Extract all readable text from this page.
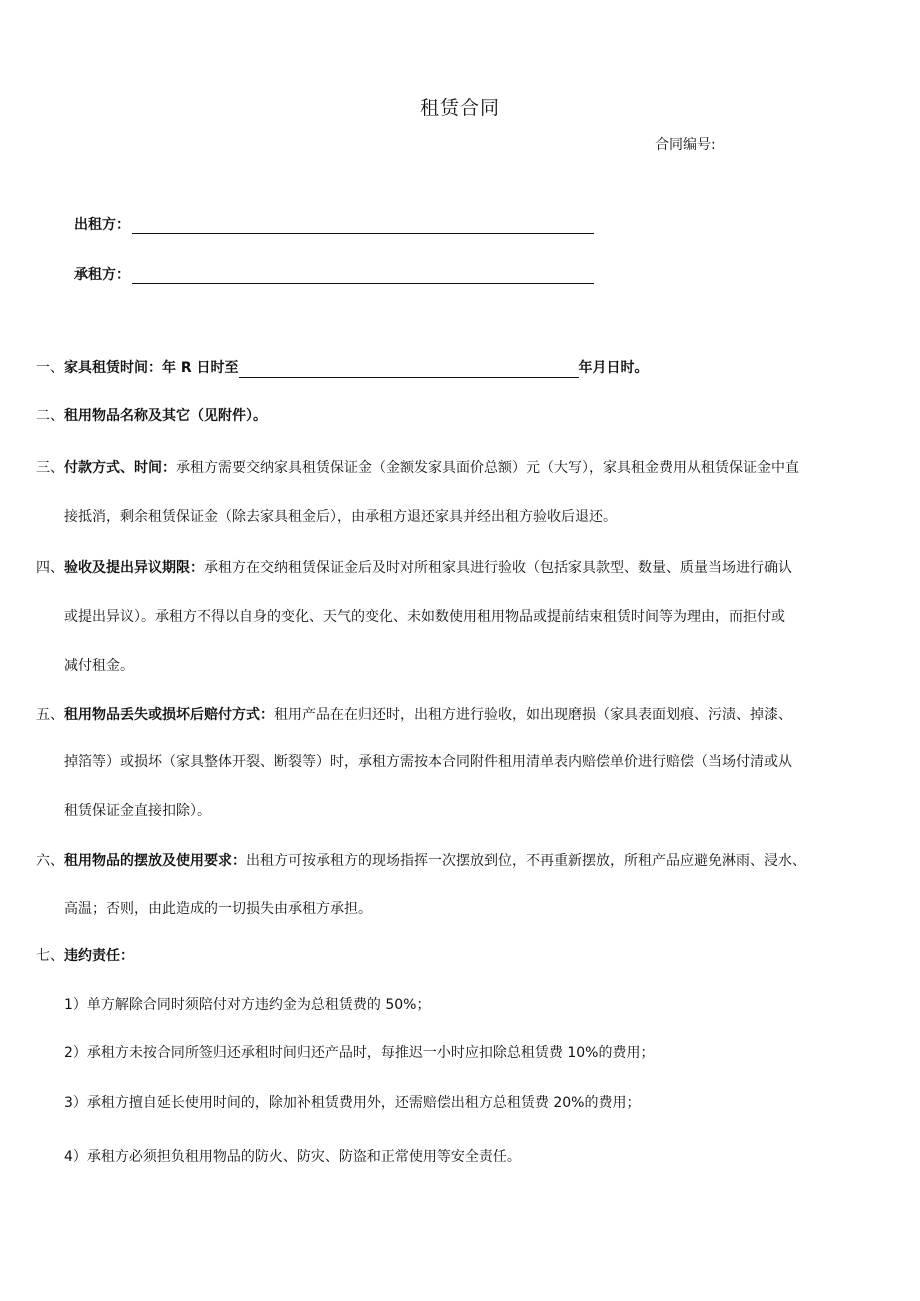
租赁合同
合同编号:
出租方：
承租方：
一、家具租赁时间：年 R 日时至	年月日时。
二、租用物品名称及其它（见附件）。
三、付款方式、时间：承租方需要交纳家具租赁保证金（金额发家具面价总额）元（大写），家具租金费用从租赁保证金中直
接抵消，剩余租赁保证金（除去家具租金后），由承租方退还家具并经出租方验收后退还。
四、验收及提出异议期限：承租方在交纳租赁保证金后及时对所租家具进行验收（包括家具款型、数量、质量当场进行确认
或提出异议）。承租方不得以自身的变化、天气的变化、未如数使用租用物品或提前结束租赁时间等为理由，而拒付或
减付租金。
五、租用物品丢失或损坏后赔付方式：租用产品在在归还时，出租方进行验收，如出现磨损（家具表面划痕、污渍、掉漆、
掉箔等）或损坏（家具整体开裂、断裂等）时，承租方需按本合同附件租用清单表内赔偿单价进行赔偿（当场付清或从
租赁保证金直接扣除）。
六、租用物品的摆放及使用要求：出租方可按承租方的现场指挥一次摆放到位，不再重新摆放，所租产品应避免淋雨、浸水、
高温；否则，由此造成的一切损失由承租方承担。
七、违约责任：
1）单方解除合同时须陪付对方违约金为总租赁费的 50%；
2）承租方未按合同所签归还承租时间归还产品时，每推迟一小时应扣除总租赁费 10%的费用；
3）承租方擅自延长使用时间的，除加补租赁费用外，还需赔偿出租方总租赁费 20%的费用；
4）承租方必须担负租用物品的防火、防灾、防盗和正常使用等安全责任。
